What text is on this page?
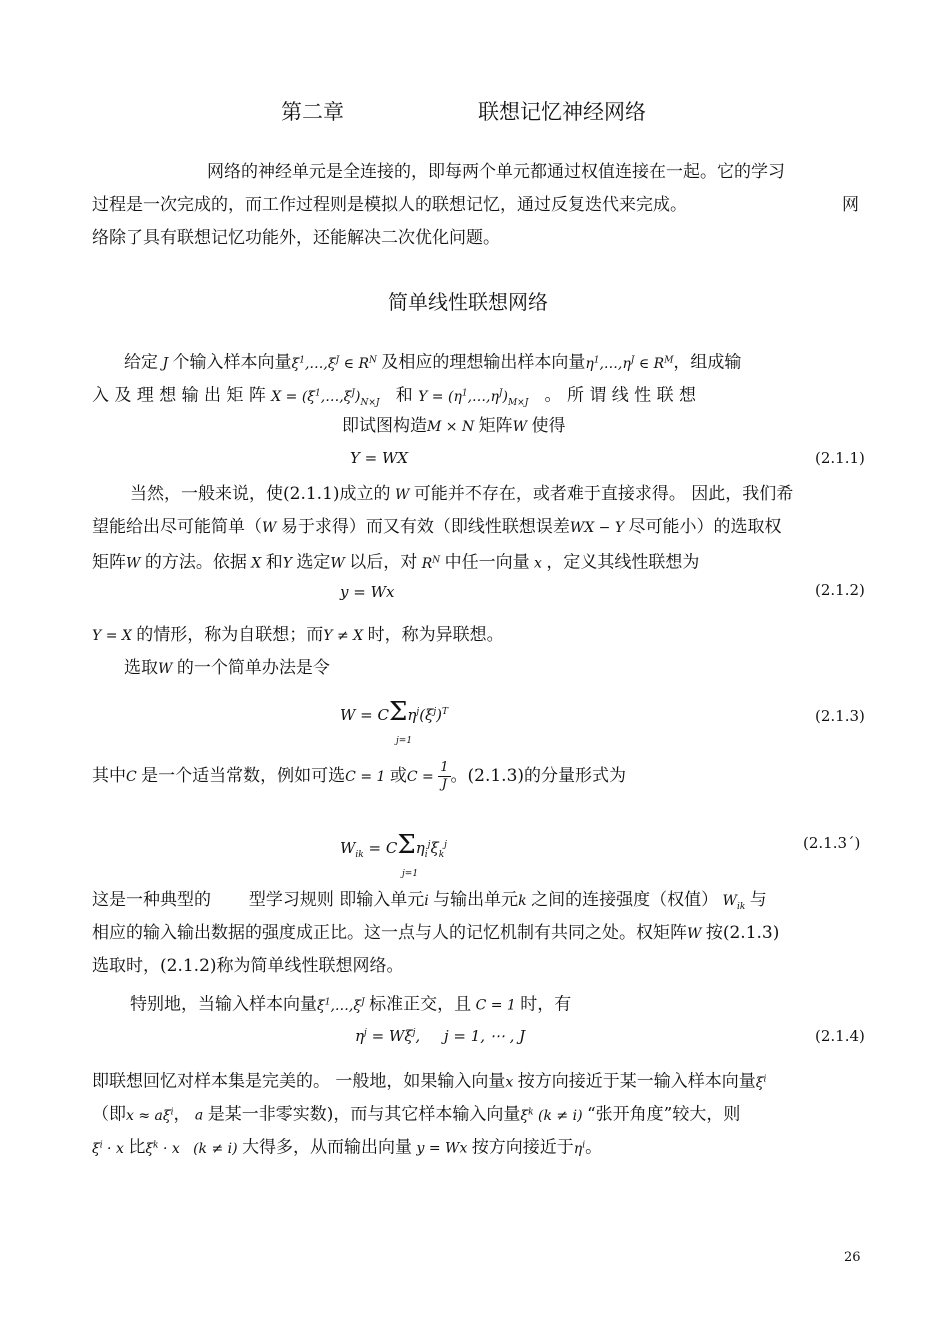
第二章	联想记忆神经网络
网络的神经单元是全连接的，即每两个单元都通过权值连接在一起。它的学习
过程是一次完成的，而工作过程则是模拟人的联想记忆，通过反复迭代来完成。	网
络除了具有联想记忆功能外，还能解决二次优化问题。
简单线性联想网络
给定 J 个输入样本向量$\xi^1,\dots,\xi^J$ ∈ $R^N$ 及相应的理想输出样本向量$\eta^1,\dots,\eta^J$ ∈ $R^M$，组成输
入 及 理 想 输 出 矩 阵 $X = (\xi^1,\dots,\xi^J)_{N\times J}$ 和 $Y = (\eta^1,\dots,\eta^J)_{M\times J}$ 。 所 谓 线 性 联 想
即试图构造M × N 矩阵W 使得
Y = WX	(2.1.1)
当然，一般来说，使(2.1.1)成立的 W 可能并不存在，或者难于直接求得。 因此，我们希
望能给出尽可能简单（W 易于求得）而又有效（即线性联想误差WX − Y 尽可能小）的选取权
矩阵W 的方法。依据 X 和Y 选定W 以后，对 $R^N$ 中任一向量 x ，定义其线性联想为
y = Wx	(2.1.2)
Y = X 的情形，称为自联想；而Y ≠ X 时，称为异联想。
选取W 的一个简单办法是令
$W = C\Sigma\eta^j(\xi^j)^T$
j=1
(2.1.3)
其中C 是一个适当常数，例如可选C = 1 或$C = \frac{1}{J}$ 。(2.1.3)的分量形式为
$W_{ik} = C\Sigma\eta_i^j\xi_k^j$
j=1
(2.1.3´)
这是一种典型的 型学习规则 即输入单元i 与输出单元k 之间的连接强度（权值） $W_{ik}$ 与
相应的输入输出数据的强度成正比。这一点与人的记忆机制有共同之处。权矩阵W 按(2.1.3)
选取时，(2.1.2)称为简单线性联想网络。
特别地，当输入样本向量$\xi^1,\dots,\xi^J$ 标准正交，且 C = 1 时，有
$\eta^j = W\xi^j$,     j = 1, ⋯ , J	(2.1.4)
即联想回忆对样本集是完美的。 一般地，如果输入向量x 按方向接近于某一输入样本向量$\xi^i$
（即$x \approx a\xi^i$， a 是某一非零实数)，而与其它样本输入向量$\xi^k$ (k ≠ i) “张开角度”较大，则
$\xi^i \cdot x$ 比$\xi^k \cdot x$   (k ≠ i) 大得多，从而输出向量 y = Wx 按方向接近于$\eta^i$。
26
